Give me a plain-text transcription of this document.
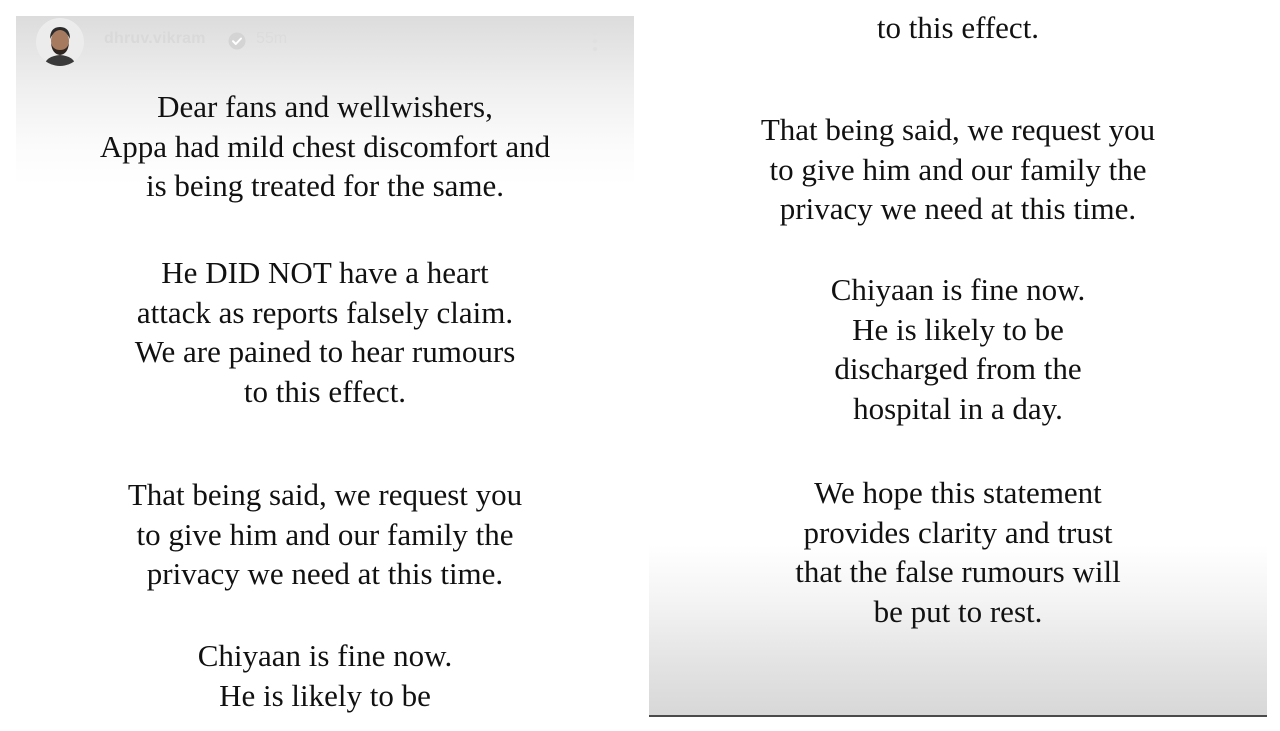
dhruv.vikram	55m
Dear fans and wellwishers,
Appa had mild chest discomfort and
is being treated for the same.
He DID NOT have a heart
attack as reports falsely claim.
We are pained to hear rumours
to this effect.
That being said, we request you
to give him and our family the
privacy we need at this time.
Chiyaan is fine now.
He is likely to be
to this effect.
That being said, we request you
to give him and our family the
privacy we need at this time.
Chiyaan is fine now.
He is likely to be
discharged from the
hospital in a day.
We hope this statement
provides clarity and trust
that the false rumours will
be put to rest.
